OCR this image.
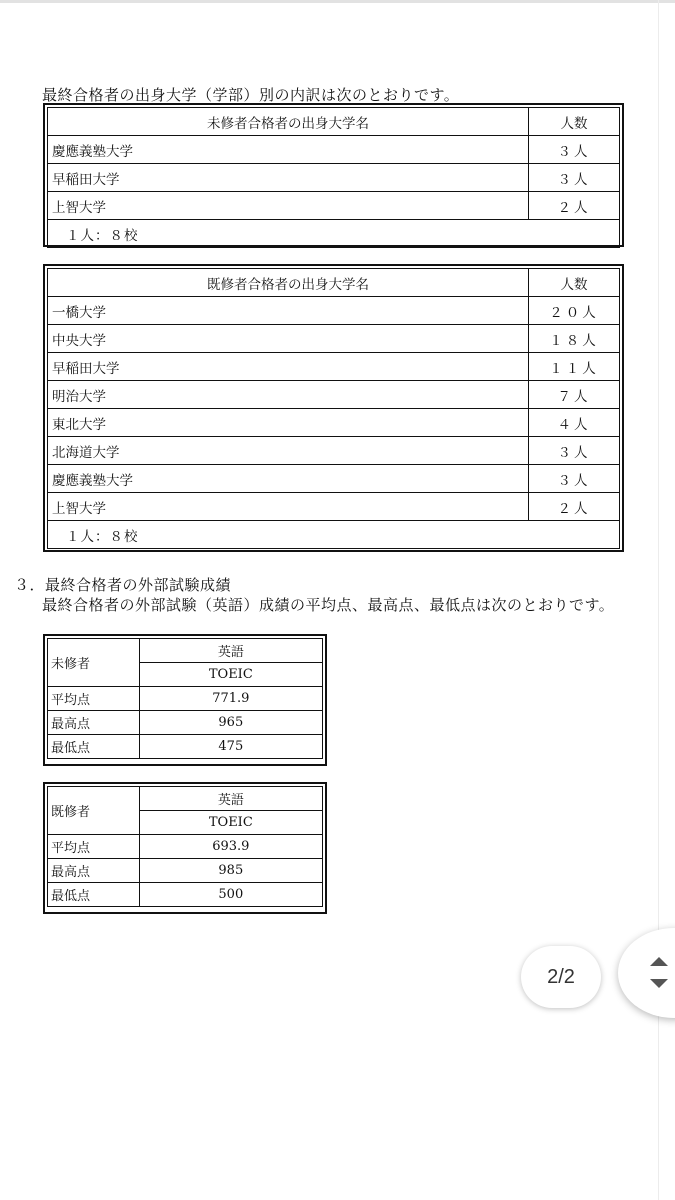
最終合格者の出身大学（学部）別の内訳は次のとおりです。
未修者合格者の出身大学名	人数
慶應義塾大学	３人
早稲田大学	３人
上智大学	２人
１人：８校	
既修者合格者の出身大学名	人数
一橋大学	２０人
中央大学	１８人
早稲田大学	１１人
明治大学	７人
東北大学	４人
北海道大学	３人
慶應義塾大学	３人
上智大学	２人
１人：８校	
３．最終合格者の外部試験成績
最終合格者の外部試験（英語）成績の平均点、最高点、最低点は次のとおりです。
未修者	英語
	TOEIC
平均点	771.9
最高点	965
最低点	475
既修者	英語
	TOEIC
平均点	693.9
最高点	985
最低点	500
2/2
